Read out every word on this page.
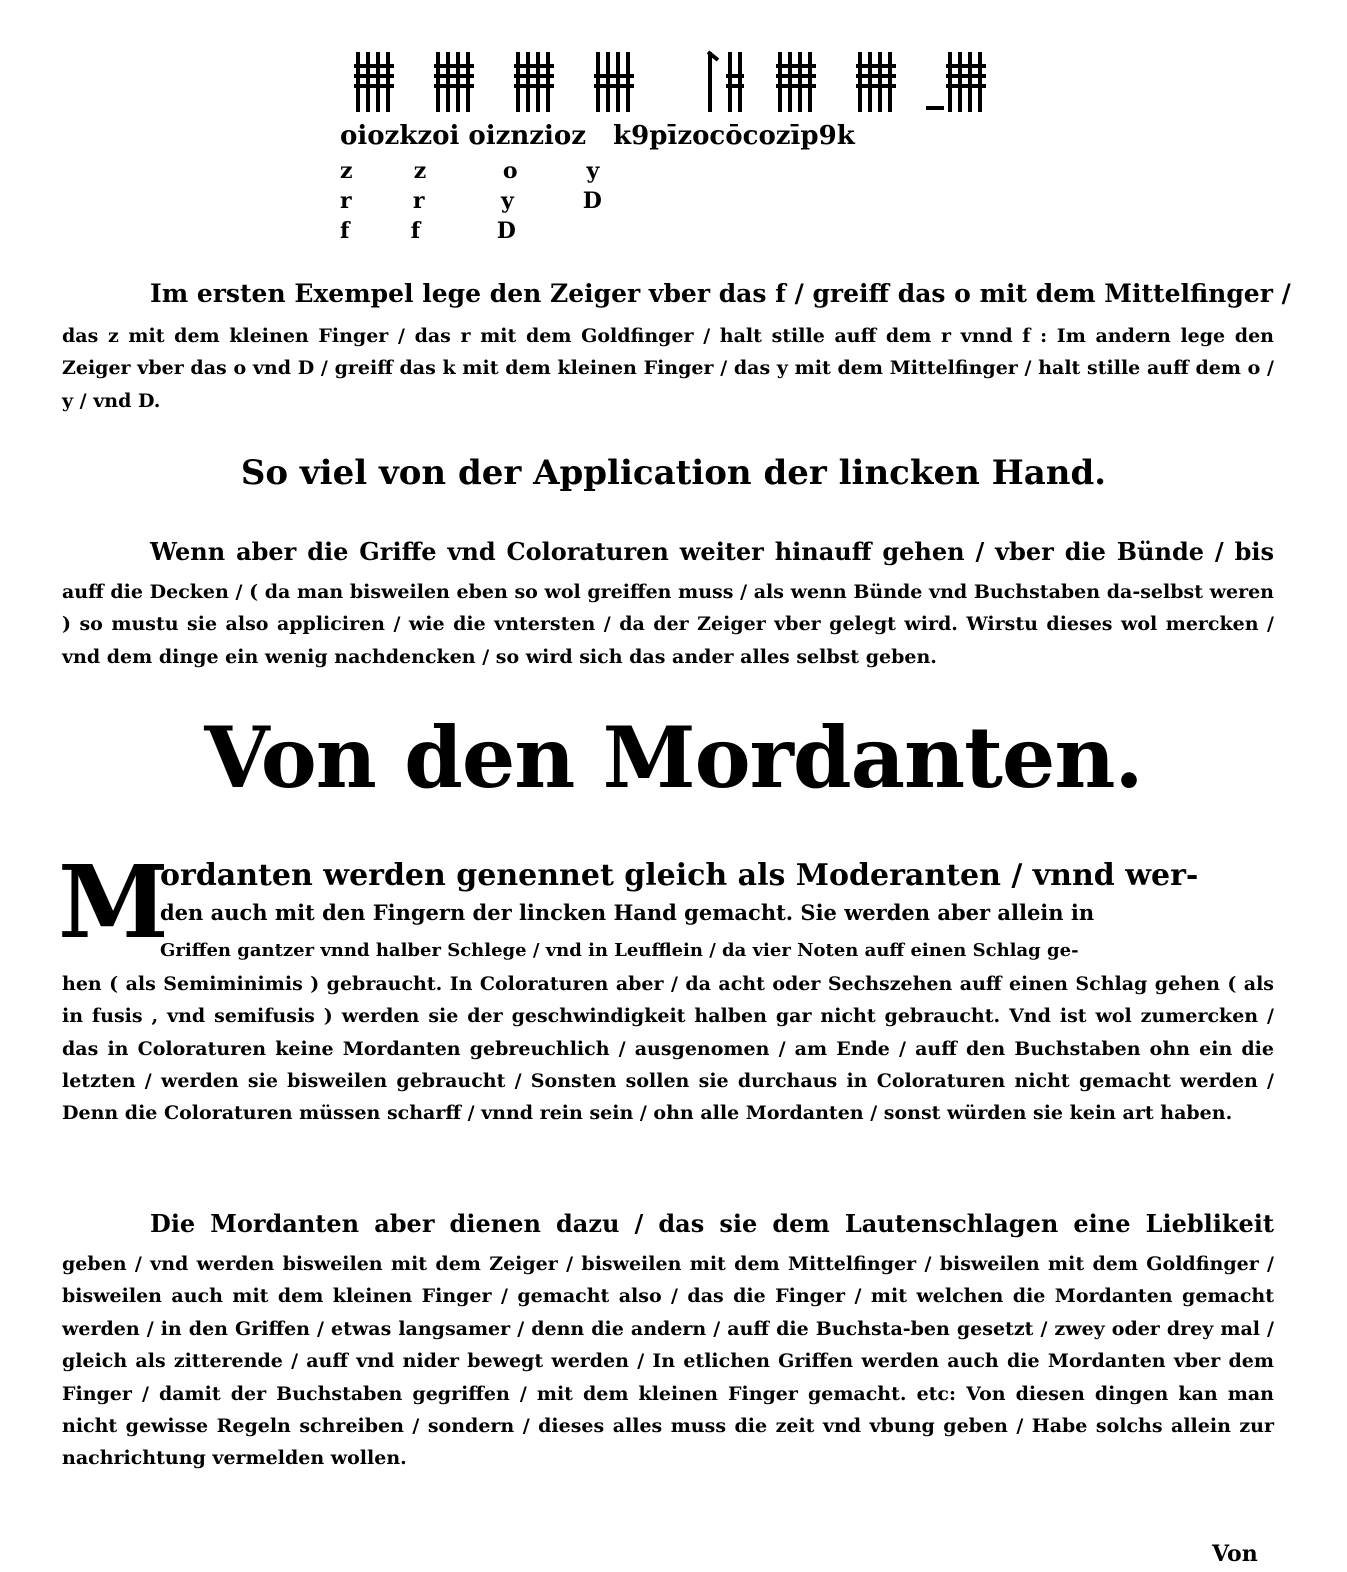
oiozkzoi oiznzioz   k9pīzocōcozīp9k
z        z          o         y
r        r          y         D
f        f          D

Im ersten Exempel lege den Zeiger vber das f / greiff das o mit dem Mittelfinger /

das z mit dem kleinen Finger / das r mit dem Goldfinger / halt stille auff dem r vnnd f : Im andern lege den Zeiger vber das o vnd D / greiff das k mit dem kleinen Finger / das y mit dem Mittelfinger / halt stille auff dem o / y / vnd D.

So viel von der Application der lincken Hand.

Wenn aber die Griffe vnd Coloraturen weiter hinauff gehen / vber die Bünde / bis

auff die Decken / ( da man bisweilen eben so wol greiffen muss / als wenn Bünde vnd Buchstaben da-selbst weren ) so mustu sie also appliciren / wie die vntersten / da der Zeiger vber gelegt wird. Wirstu dieses wol mercken / vnd dem dinge ein wenig nachdencken / so wird sich das ander alles selbst geben.

Von den Mordanten.
M

ordanten werden genennet gleich als Moderanten / vnnd wer-

den auch mit den Fingern der lincken Hand gemacht. Sie werden aber allein in

Griffen gantzer vnnd halber Schlege / vnd in Leufflein / da vier Noten auff einen Schlag ge-

hen ( als Semiminimis ) gebraucht. In Coloraturen aber / da acht oder Sechszehen auff einen Schlag gehen ( als in fusis , vnd semifusis ) werden sie der geschwindigkeit halben gar nicht gebraucht. Vnd ist wol zumercken / das in Coloraturen keine Mordanten gebreuchlich / ausgenomen / am Ende / auff den Buchstaben ohn ein die letzten / werden sie bisweilen gebraucht / Sonsten sollen sie durchaus in Coloraturen nicht gemacht werden / Denn die Coloraturen müssen scharff / vnnd rein sein / ohn alle Mordanten / sonst würden sie kein art haben.

Die Mordanten aber dienen dazu / das sie dem Lautenschlagen eine Lieblikeit

geben / vnd werden bisweilen mit dem Zeiger / bisweilen mit dem Mittelfinger / bisweilen mit dem Goldfinger / bisweilen auch mit dem kleinen Finger / gemacht also / das die Finger / mit welchen die Mordanten gemacht werden / in den Griffen / etwas langsamer / denn die andern / auff die Buchsta-ben gesetzt / zwey oder drey mal / gleich als zitterende / auff vnd nider bewegt werden / In etlichen Griffen werden auch die Mordanten vber dem Finger / damit der Buchstaben gegriffen / mit dem kleinen Finger gemacht. etc: Von diesen dingen kan man nicht gewisse Regeln schreiben / sondern / dieses alles muss die zeit vnd vbung geben / Habe solchs allein zur nachrichtung vermelden wollen.

Von
